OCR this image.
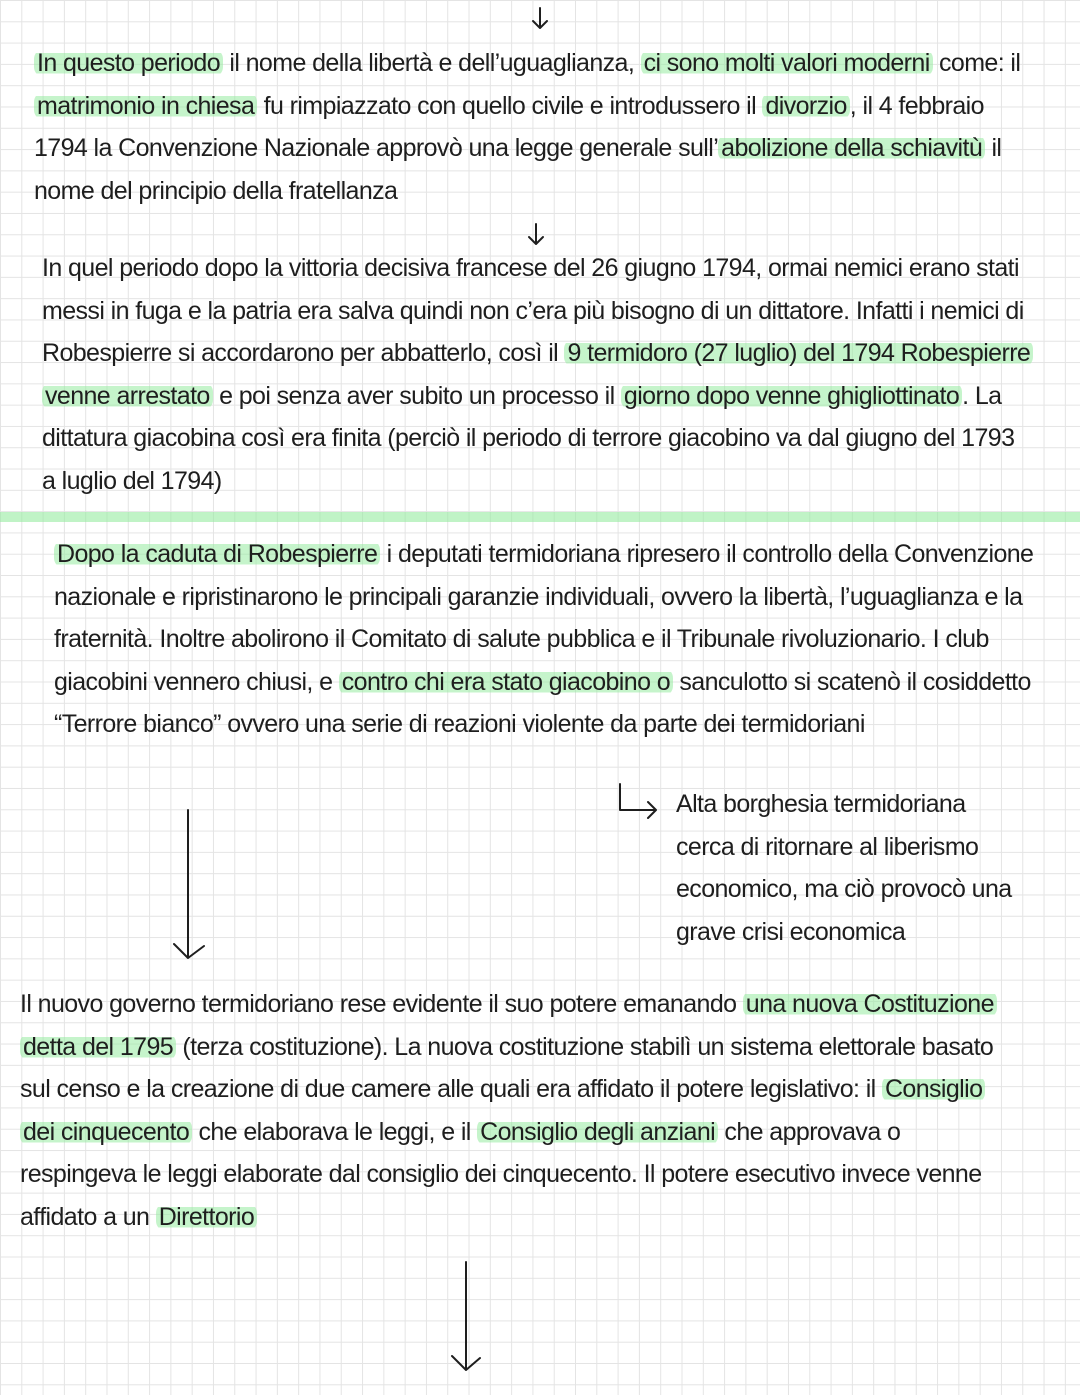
In questo periodo il nome della libertà e dell’uguaglianza, ci sono molti valori moderni come: il matrimonio in chiesa fu rimpiazzato con quello civile e introdussero il divorzio , il 4 febbraio 1794 la Convenzione Nazionale approvò una legge generale sull’ abolizione della schiavitù il nome del principio della fratellanza

In quel periodo dopo la vittoria decisiva francese del 26 giugno 1794, ormai nemici erano stati messi in fuga e la patria era salva quindi non c’era più bisogno di un dittatore. Infatti i nemici di Robespierre si accordarono per abbatterlo, così il 9 termidoro (27 luglio) del 1794 Robespierre venne arrestato e poi senza aver subito un processo il giorno dopo venne ghigliottinato . La dittatura giacobina così era finita (perciò il periodo di terrore giacobino va dal giugno del 1793 a luglio del 1794)

Dopo la caduta di Robespierre i deputati termidoriana ripresero il controllo della Convenzione nazionale e ripristinarono le principali garanzie individuali, ovvero la libertà, l’uguaglianza e la fraternità. Inoltre abolirono il Comitato di salute pubblica e il Tribunale rivoluzionario. I club giacobini vennero chiusi, e contro chi era stato giacobino o sanculotto si scatenò il cosiddetto “Terrore bianco” ovvero una serie di reazioni violente da parte dei termidoriani

Alta borghesia termidoriana cerca di ritornare al liberismo economico, ma ciò provocò una grave crisi economica

Il nuovo governo termidoriano rese evidente il suo potere emanando una nuova Costituzione detta del 1795 (terza costituzione). La nuova costituzione stabilì un sistema elettorale basato sul censo e la creazione di due camere alle quali era affidato il potere legislativo: il Consiglio dei cinquecento che elaborava le leggi, e il Consiglio degli anziani che approvava o respingeva le leggi elaborate dal consiglio dei cinquecento. Il potere esecutivo invece venne affidato a un Direttorio
